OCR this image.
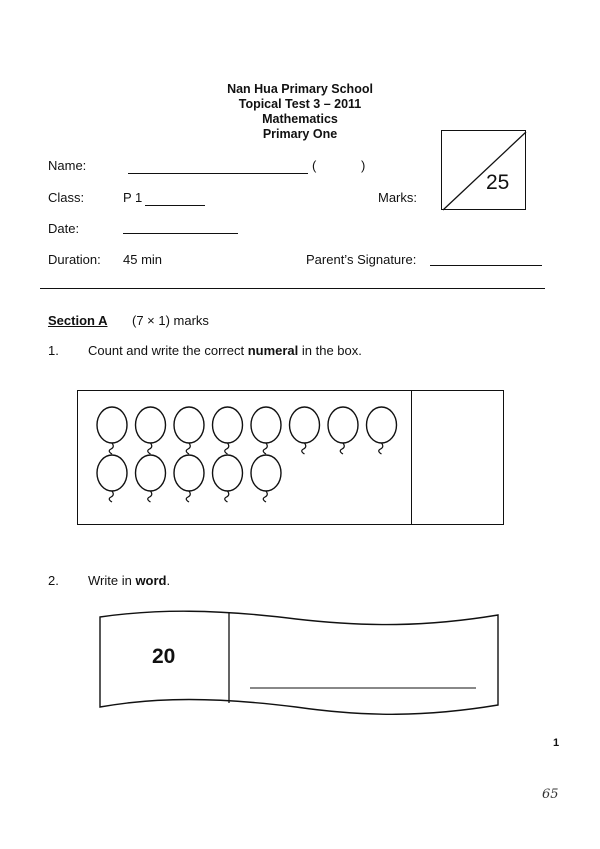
Nan Hua Primary School
Topical Test 3 – 2011
Mathematics
Primary One
Name:	(	)
Class:	P 1	Marks:
25
Date:
Duration: 45 min	Parent’s Signature:
Section A (7 × 1) marks
1. Count and write the correct numeral in the box.
2. Write in word.
20
1
65
